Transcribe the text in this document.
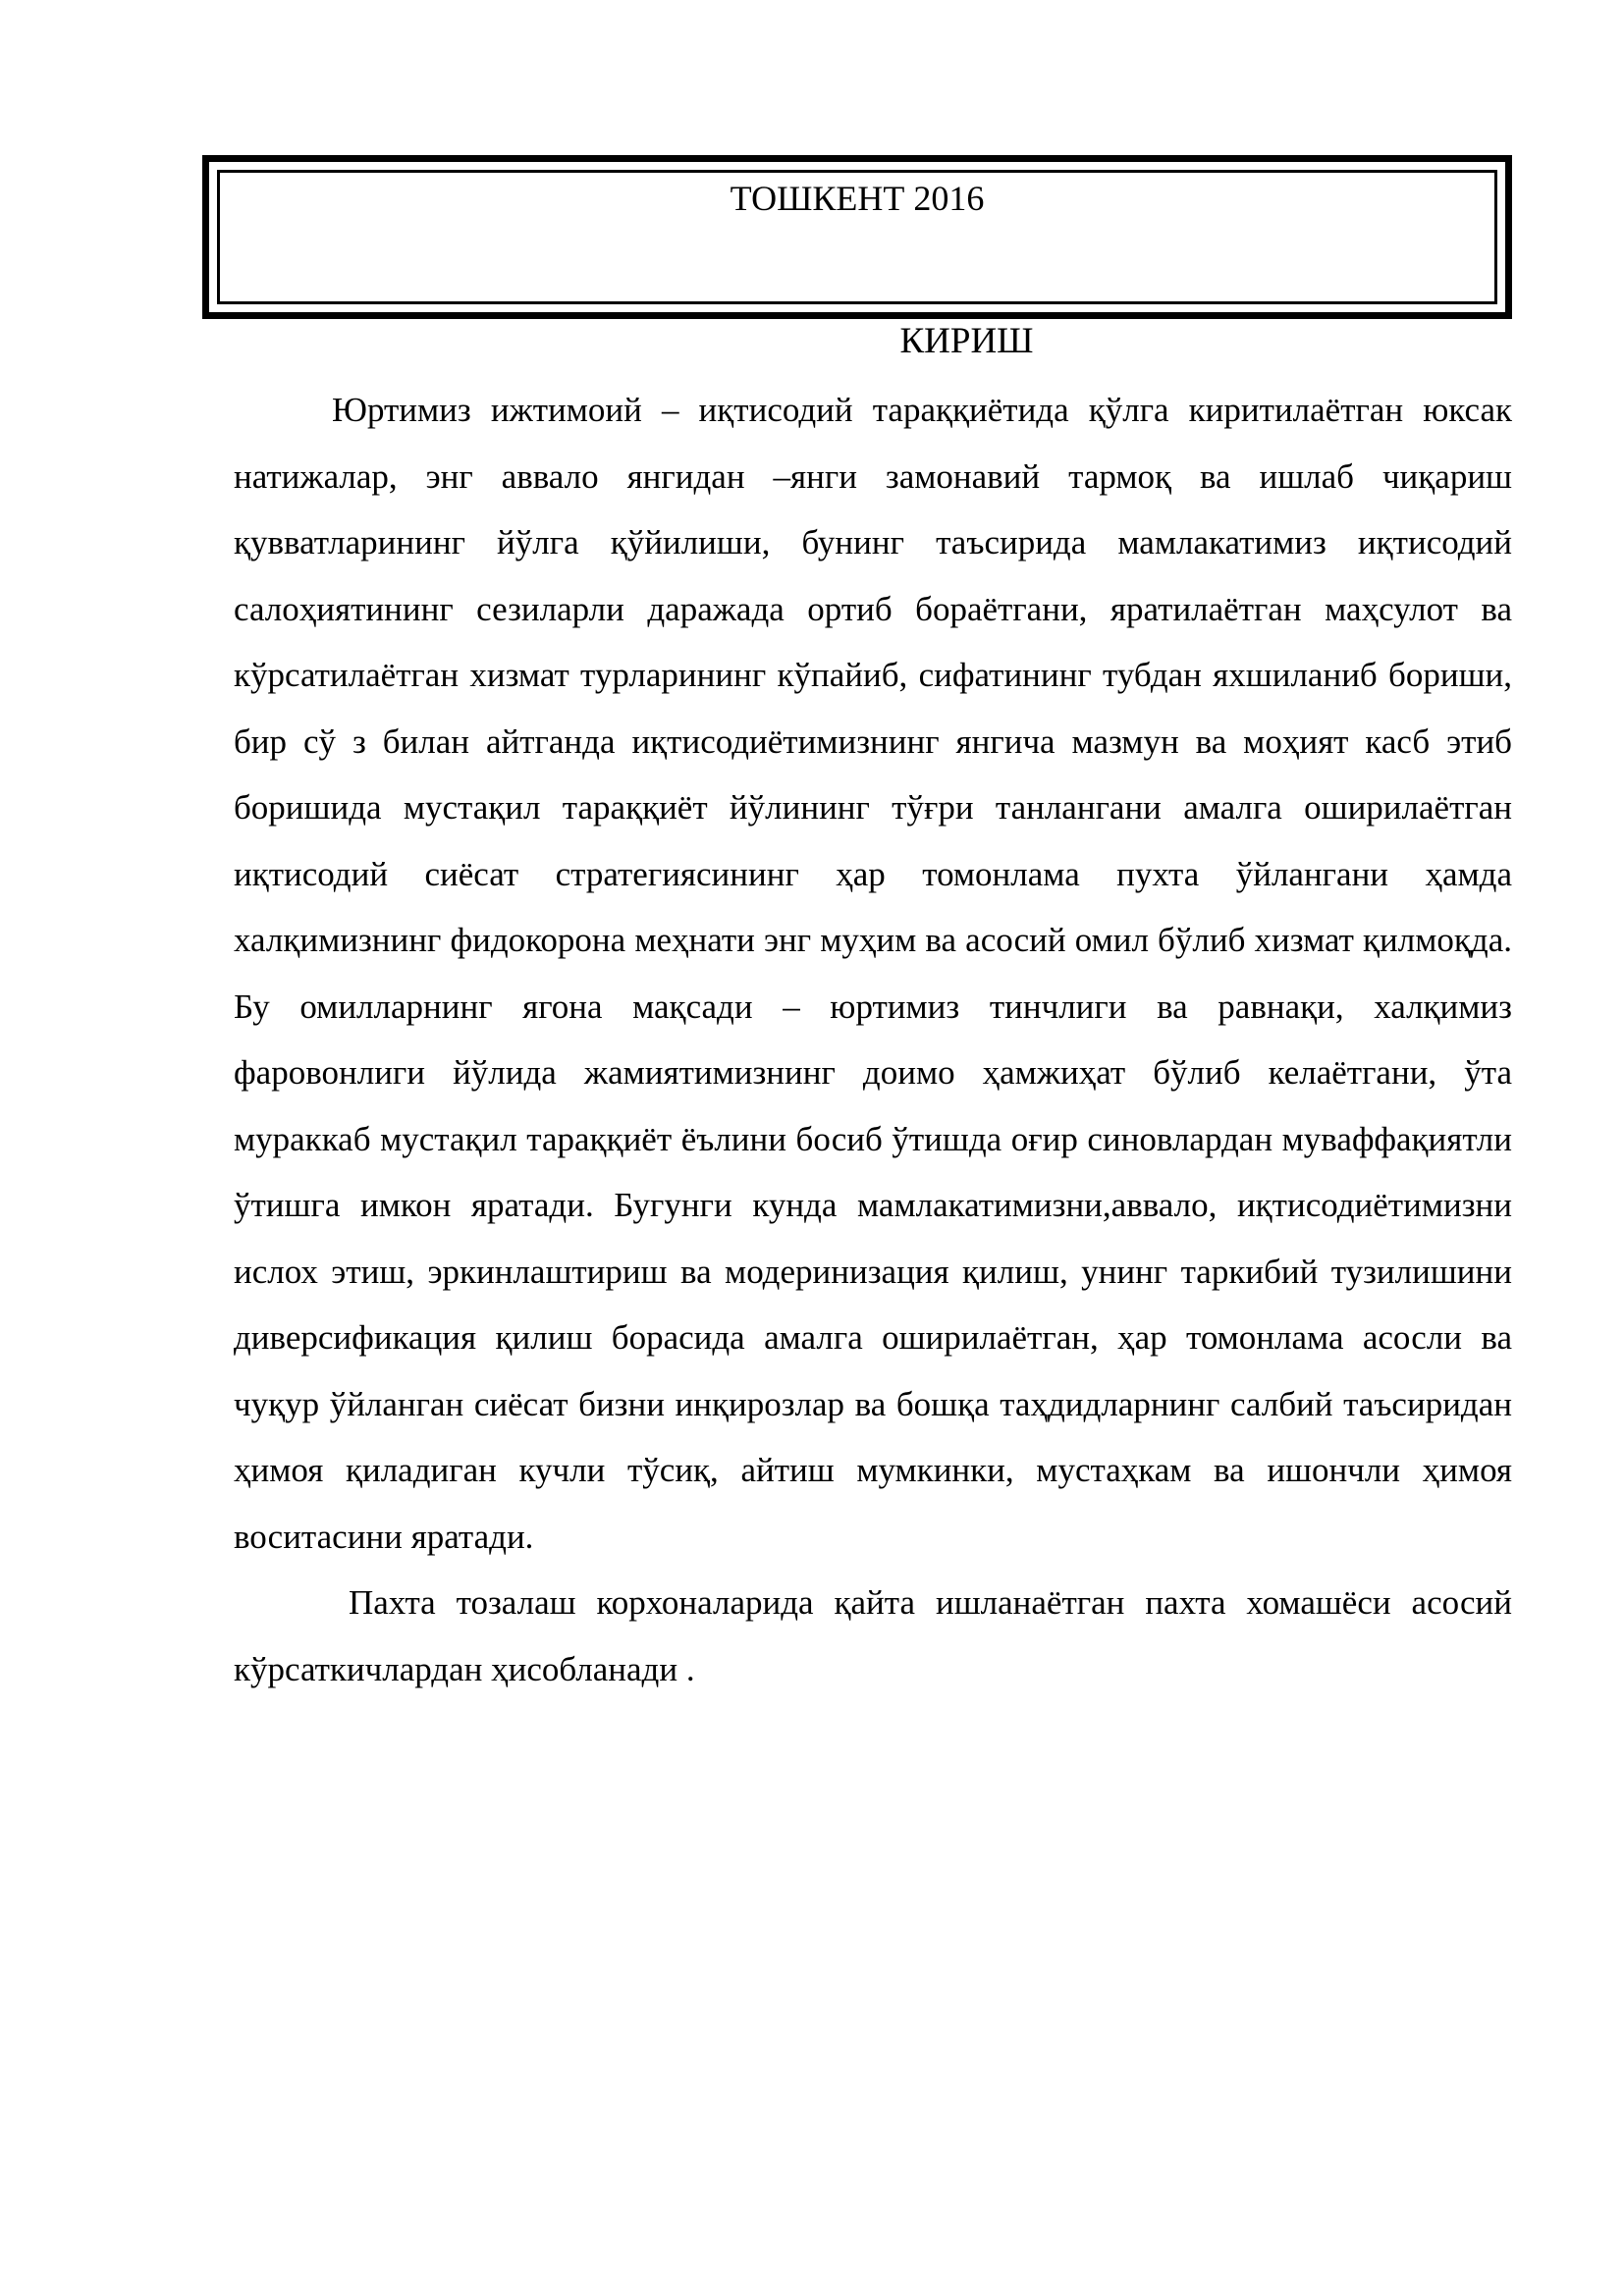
ТОШКЕНТ 2016
КИРИШ

Юртимиз ижтимоий – иқтисодий тараққиётида қўлга киритилаётган юксак натижалар, энг аввало янгидан –янги замонавий тармоқ ва ишлаб чиқариш қувватларининг йўлга қўйилиши, бунинг таъсирида мамлакатимиз иқтисодий салоҳиятининг сезиларли даражада ортиб бораётгани, яратилаётган маҳсулот ва кўрсатилаётган хизмат турларининг кўпайиб, сифатининг тубдан яхшиланиб бориши, бир сў з билан айтганда иқтисодиётимизнинг янгича мазмун ва моҳият касб этиб боришида мустақил тараққиёт йўлининг тўғри танлангани амалга оширилаётган иқтисодий сиёсат стратегиясининг ҳар томонлама пухта ўйлангани ҳамда халқимизнинг фидокорона меҳнати энг муҳим ва асосий омил бўлиб хизмат қилмоқда. Бу омилларнинг ягона мақсади – юртимиз тинчлиги ва равнақи, халқимиз фаровонлиги йўлида жамиятимизнинг доимо ҳамжиҳат бўлиб келаётгани, ўта мураккаб мустақил тараққиёт ёълини босиб ўтишда оғир синовлардан муваффақиятли ўтишга имкон яратади. Бугунги кунда мамлакатимизни,аввало, иқтисодиётимизни ислох этиш, эркинлаштириш ва модеринизация қилиш, унинг таркибий тузилишини диверсификация қилиш борасида амалга оширилаётган, ҳар томонлама асосли ва чуқур ўйланган сиёсат бизни инқирозлар ва бошқа таҳдидларнинг салбий таъсиридан ҳимоя қиладиган кучли тўсиқ, айтиш мумкинки, мустаҳкам ва ишончли ҳимоя воситасини яратади.

Пахта тозалаш корхоналарида қайта ишланаётган пахта хомашёси асосий кўрсаткичлардан ҳисобланади .
